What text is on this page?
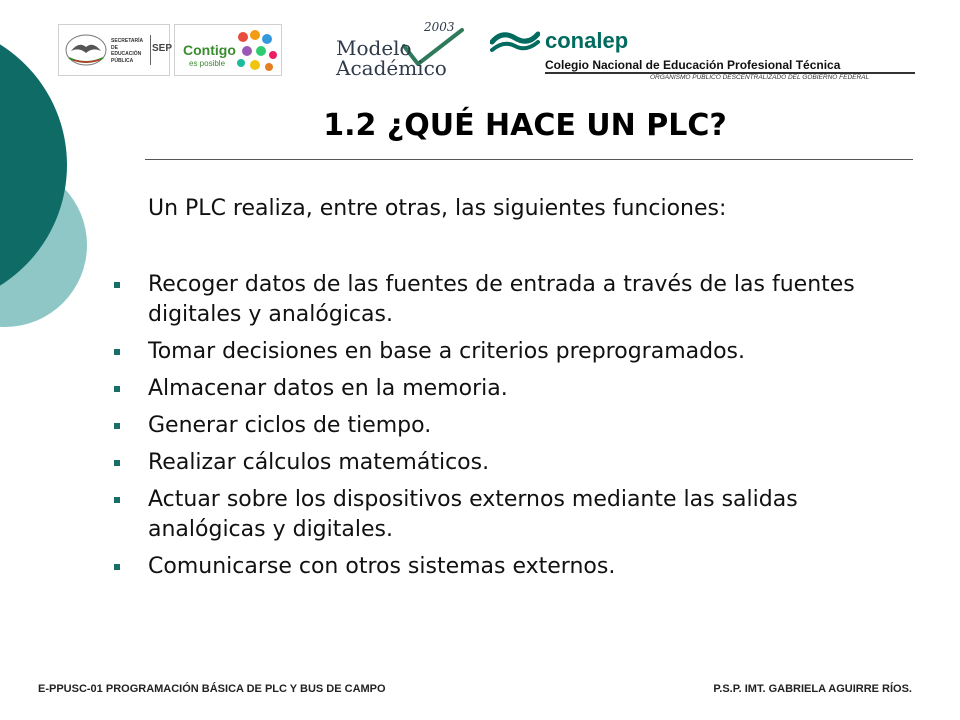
SECRETARÍA DE EDUCACIÓN PÚBLICA
SEP Contigo
es posible
2003
Modelo
Académico
conalep
Colegio Nacional de Educación Profesional Técnica
ORGANISMO PÚBLICO DESCENTRALIZADO DEL GOBIERNO FEDERAL
1.2 ¿QUÉ HACE UN PLC?
Un PLC realiza, entre otras, las siguientes funciones:
Recoger datos de las fuentes de entrada a través de las fuentes digitales y analógicas.
Tomar decisiones en base a criterios preprogramados.
Almacenar datos en la memoria.
Generar ciclos de tiempo.
Realizar cálculos matemáticos.
Actuar sobre los dispositivos externos mediante las salidas analógicas y digitales.
Comunicarse con otros sistemas externos.
E-PPUSC-01 PROGRAMACIÓN BÁSICA DE PLC Y BUS DE CAMPO	P.S.P. IMT. GABRIELA AGUIRRE RÍOS.
